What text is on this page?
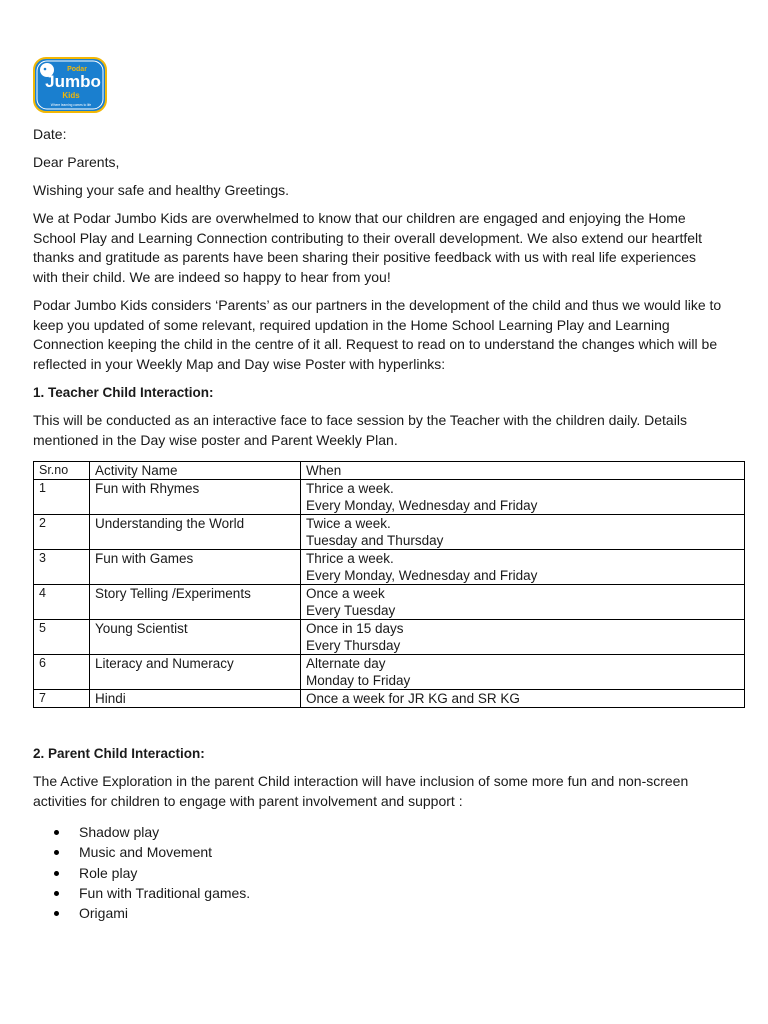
Podar
Jumbo
Kids
Where learning comes to life

Date:

Dear Parents,

Wishing your safe and healthy Greetings.

We at Podar Jumbo Kids are overwhelmed to know that our children are engaged and enjoying the Home School Play and Learning Connection contributing to their overall development. We also extend our heartfelt thanks and gratitude as parents have been sharing their positive feedback with us with real life experiences with their child. We are indeed so happy to hear from you!

Podar Jumbo Kids considers ‘Parents’ as our partners in the development of the child and thus we would like to keep you updated of some relevant, required updation in the Home School Learning Play and Learning Connection keeping the child in the centre of it all. Request to read on to understand the changes which will be reflected in your Weekly Map and Day wise Poster with hyperlinks:

1. Teacher Child Interaction:

This will be conducted as an interactive face to face session by the Teacher with the children daily. Details mentioned in the Day wise poster and Parent Weekly Plan.

Sr.no	Activity Name	When
1	Fun with Rhymes	Thrice a week.
Every Monday, Wednesday and Friday

2	Understanding the World	Twice a week.
Tuesday and Thursday

3	Fun with Games	Thrice a week.
Every Monday, Wednesday and Friday

4	Story Telling /Experiments	Once a week
Every Tuesday

5	Young Scientist	Once in 15 days
Every Thursday

6	Literacy and Numeracy	Alternate day
Monday to Friday

7	Hindi	Once a week for JR KG and SR KG

2. Parent Child Interaction:

The Active Exploration in the parent Child interaction will have inclusion of some more fun and non-screen activities for children to engage with parent involvement and support :

Shadow play
Music and Movement
Role play
Fun with Traditional games.
Origami
